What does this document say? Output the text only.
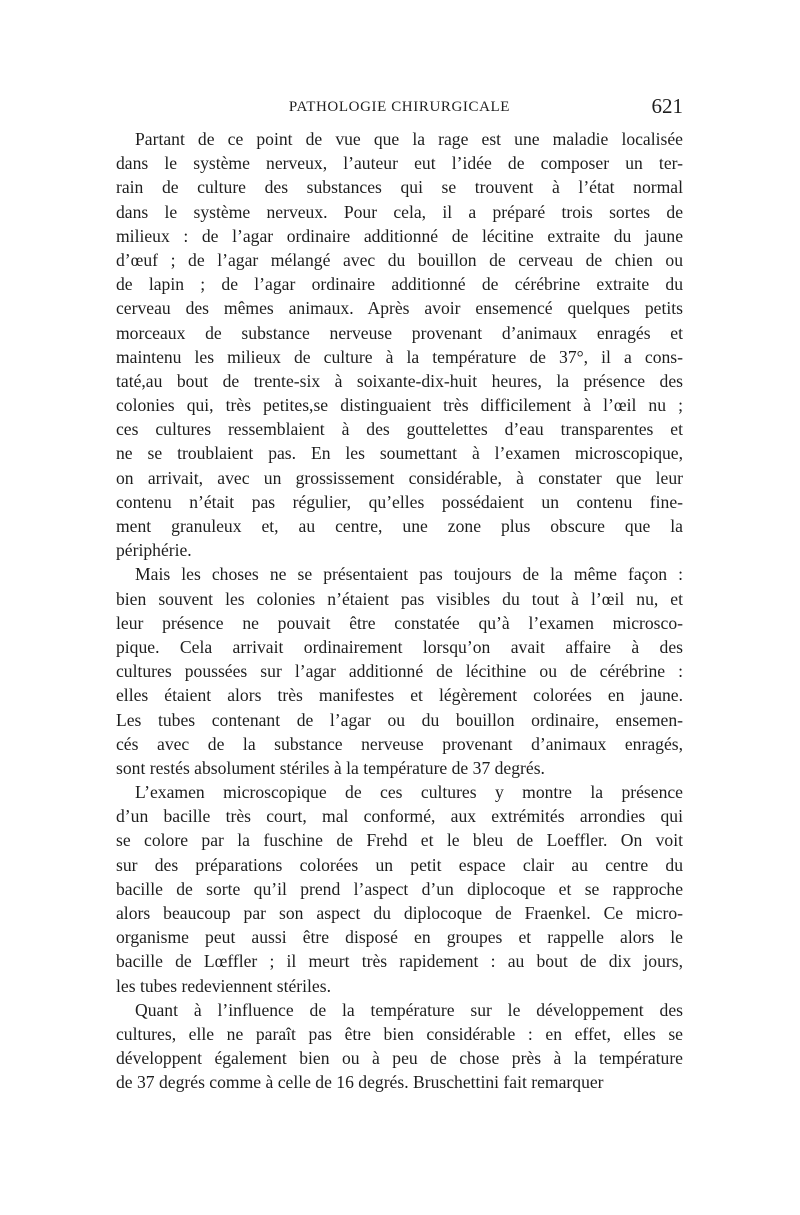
PATHOLOGIE CHIRURGICALE	621
Partant de ce point de vue que la rage est une maladie localisée
dans le système nerveux, l’auteur eut l’idée de composer un ter-
rain de culture des substances qui se trouvent à l’état normal
dans le système nerveux. Pour cela, il a préparé trois sortes de
milieux : de l’agar ordinaire additionné de lécitine extraite du jaune
d’œuf ; de l’agar mélangé avec du bouillon de cerveau de chien ou
de lapin ; de l’agar ordinaire additionné de cérébrine extraite du
cerveau des mêmes animaux. Après avoir ensemencé quelques petits
morceaux de substance nerveuse provenant d’animaux enragés et
maintenu les milieux de culture à la température de 37°, il a cons-
taté,au bout de trente-six à soixante-dix-huit heures, la présence des
colonies qui, très petites,se distinguaient très difficilement à l’œil nu ;
ces cultures ressemblaient à des gouttelettes d’eau transparentes et
ne se troublaient pas. En les soumettant à l’examen microscopique,
on arrivait, avec un grossissement considérable, à constater que leur
contenu n’était pas régulier, qu’elles possédaient un contenu fine-
ment granuleux et, au centre, une zone plus obscure que la
périphérie.
Mais les choses ne se présentaient pas toujours de la même façon :
bien souvent les colonies n’étaient pas visibles du tout à l’œil nu, et
leur présence ne pouvait être constatée qu’à l’examen microsco-
pique. Cela arrivait ordinairement lorsqu’on avait affaire à des
cultures poussées sur l’agar additionné de lécithine ou de cérébrine :
elles étaient alors très manifestes et légèrement colorées en jaune.
Les tubes contenant de l’agar ou du bouillon ordinaire, ensemen-
cés avec de la substance nerveuse provenant d’animaux enragés,
sont restés absolument stériles à la température de 37 degrés.
L’examen microscopique de ces cultures y montre la présence
d’un bacille très court, mal conformé, aux extrémités arrondies qui
se colore par la fuschine de Frehd et le bleu de Loeffler. On voit
sur des préparations colorées un petit espace clair au centre du
bacille de sorte qu’il prend l’aspect d’un diplocoque et se rapproche
alors beaucoup par son aspect du diplocoque de Fraenkel. Ce micro-
organisme peut aussi être disposé en groupes et rappelle alors le
bacille de Lœffler ; il meurt très rapidement : au bout de dix jours,
les tubes redeviennent stériles.
Quant à l’influence de la température sur le développement des
cultures, elle ne paraît pas être bien considérable : en effet, elles se
développent également bien ou à peu de chose près à la température
de 37 degrés comme à celle de 16 degrés. Bruschettini fait remarquer
